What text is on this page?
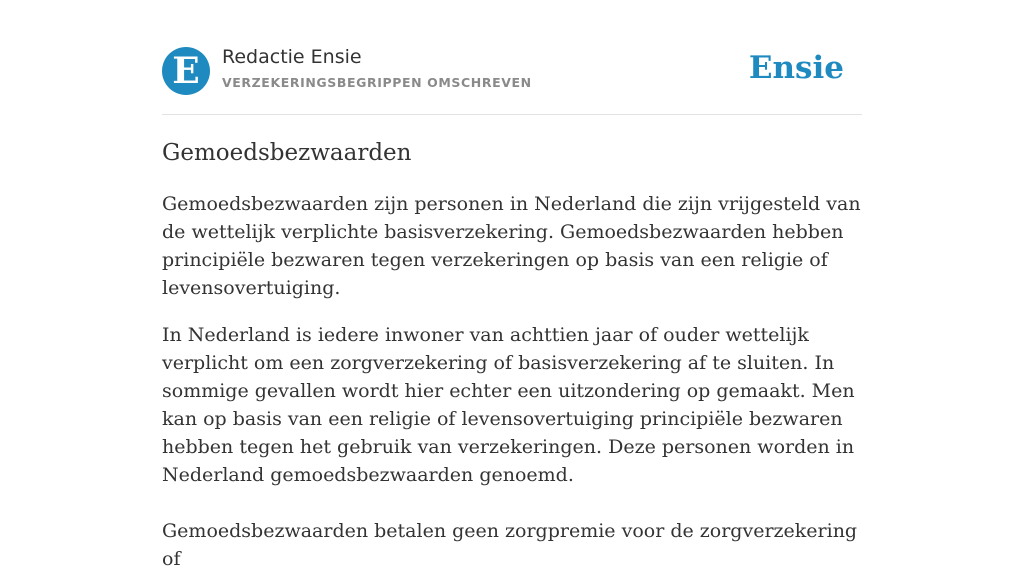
E	Redactie Ensie
VERZEKERINGSBEGRIPPEN OMSCHREVEN	Ensie
Gemoedsbezwaarden

Gemoedsbezwaarden zijn personen in Nederland die zijn vrijgesteld van de wettelijk verplichte basisverzekering. Gemoedsbezwaarden hebben principiële bezwaren tegen verzekeringen op basis van een religie of levensovertuiging.

In Nederland is iedere inwoner van achttien jaar of ouder wettelijk verplicht om een zorgverzekering of basisverzekering af te sluiten. In sommige gevallen wordt hier echter een uitzondering op gemaakt. Men kan op basis van een religie of levensovertuiging principiële bezwaren hebben tegen het gebruik van verzekeringen. Deze personen worden in Nederland gemoedsbezwaarden genoemd.

Gemoedsbezwaarden betalen geen zorgpremie voor de zorgverzekering of
